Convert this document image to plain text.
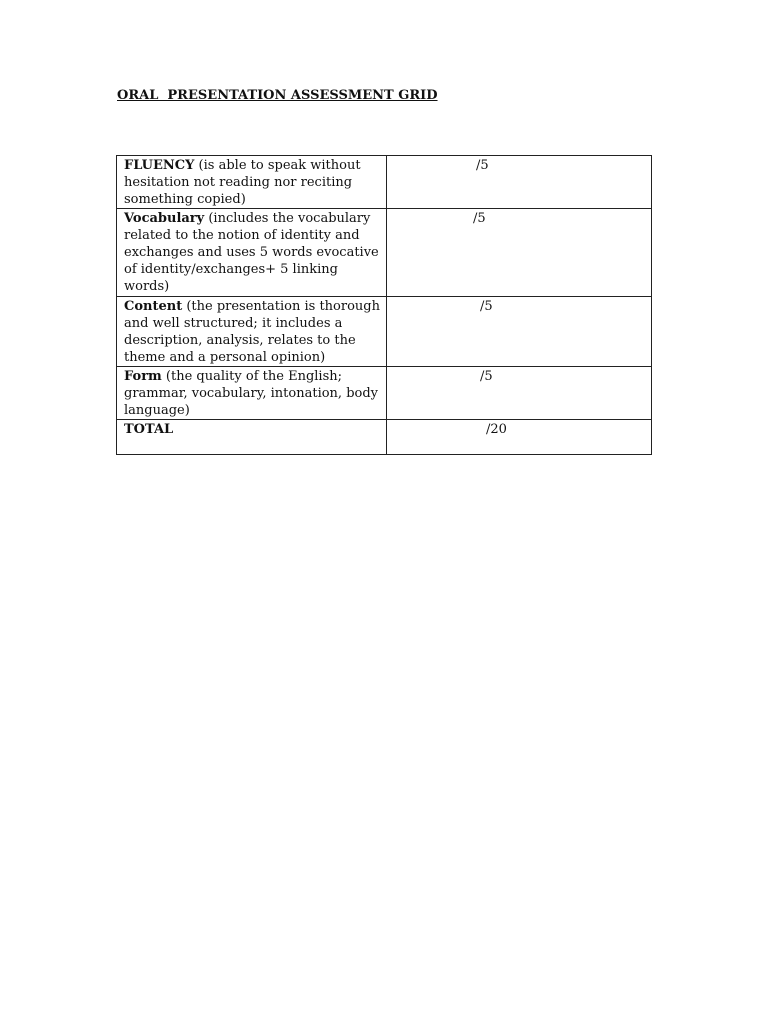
ORAL  PRESENTATION ASSESSMENT GRID
FLUENCY (is able to speak without hesitation not reading nor reciting something copied)	/5
Vocabulary (includes the vocabulary related to the notion of identity and exchanges and uses 5 words evocative of identity/exchanges+ 5 linking words)	/5
Content (the presentation is thorough and well structured; it includes a description, analysis, relates to the theme and a personal opinion)	/5
Form (the quality of the English; grammar, vocabulary, intonation, body language)	/5
TOTAL	/20
